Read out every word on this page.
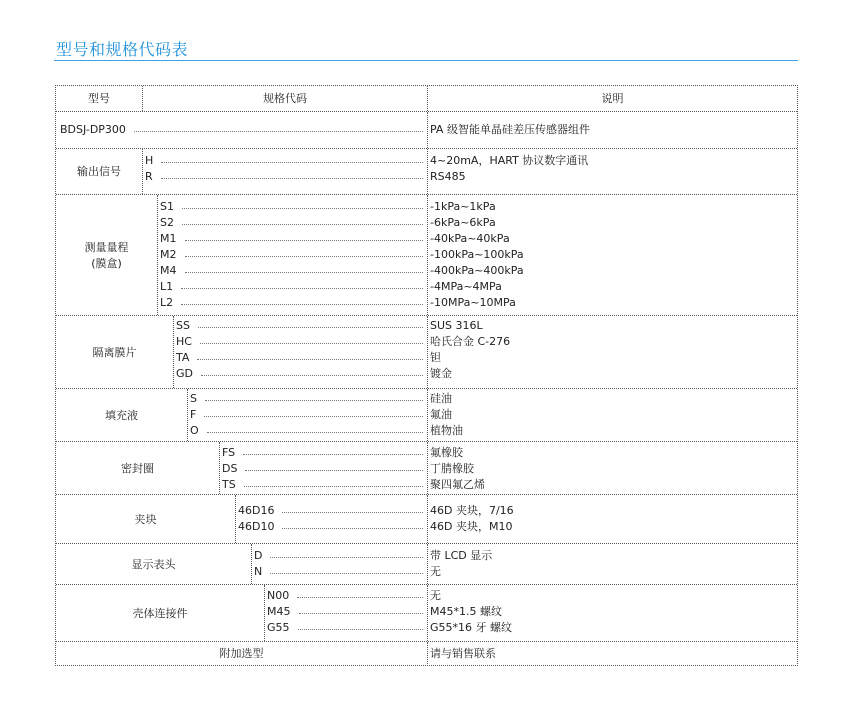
型号和规格代码表
型号	规格代码	说明
BDSJ-DP300	PA 级智能单晶硅差压传感器组件
输出信号
H	4~20mA，HART 协议数字通讯
R	RS485
测量量程
(膜盒)
S1	-1kPa~1kPa
S2	-6kPa~6kPa
M1	-40kPa~40kPa
M2	-100kPa~100kPa
M4	-400kPa~400kPa
L1	-4MPa~4MPa
L2	-10MPa~10MPa
隔离膜片
SS	SUS 316L
HC	哈氏合金 C-276
TA	钽
GD	镀金
填充液
S	硅油
F	氟油
O	植物油
密封圈
FS	氟橡胶
DS	丁腈橡胶
TS	聚四氟乙烯
夹块
46D16	46D 夹块，7/16
46D10	46D 夹块，M10
显示表头
D	带 LCD 显示
N	无
壳体连接件
N00	无
M45	M45*1.5 螺纹
G55	G55*16 牙 螺纹
附加选型	请与销售联系
